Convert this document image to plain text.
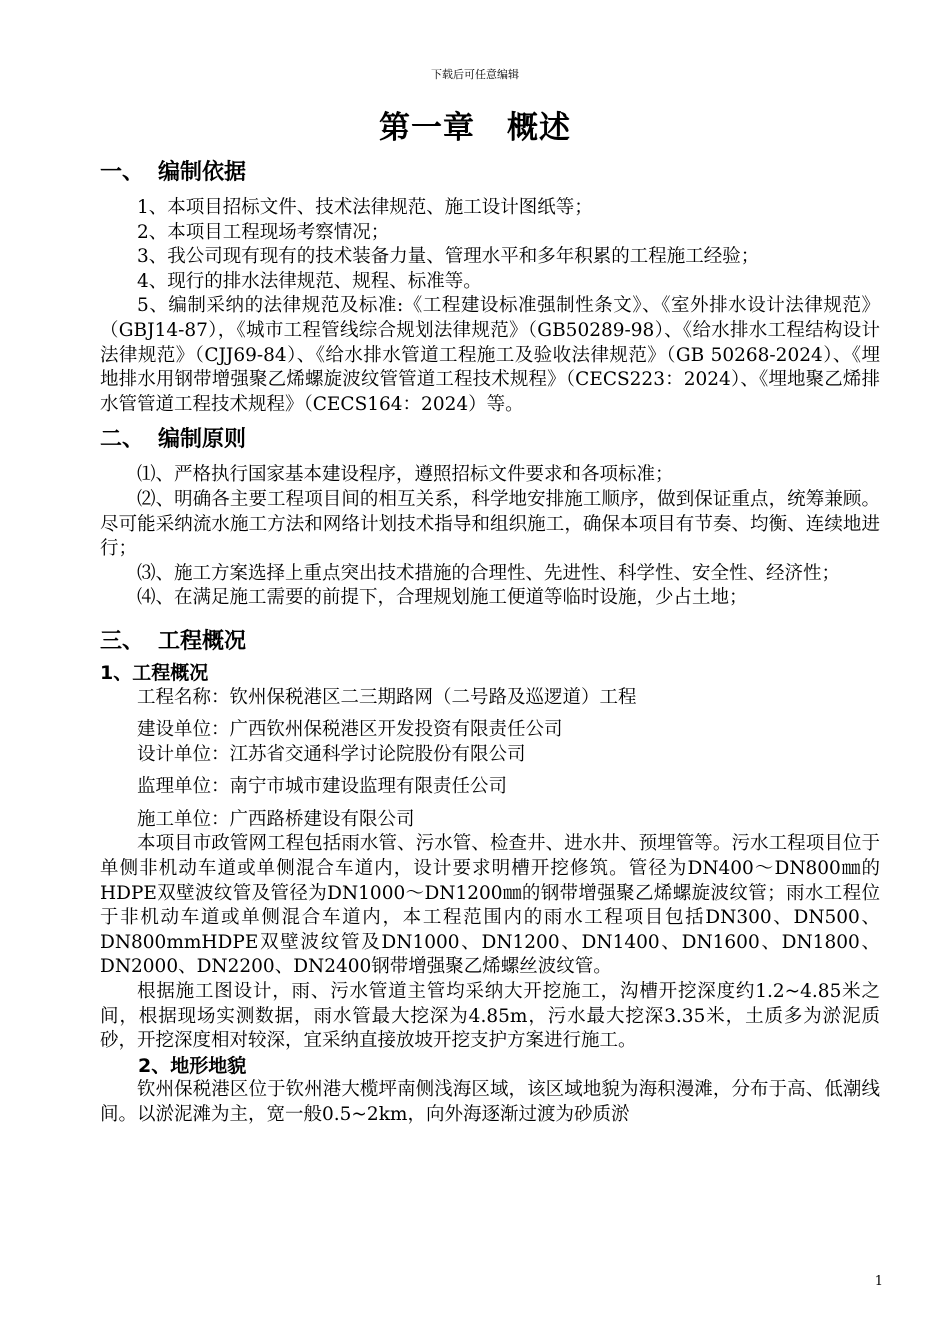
下载后可任意编辑
第一章　概述
一、 编制依据

1、本项目招标文件、技术法律规范、施工设计图纸等；

2、本项目工程现场考察情况；

3、我公司现有现有的技术装备力量、管理水平和多年积累的工程施工经验；

4、现行的排水法律规范、规程、标准等。

5、编制采纳的法律规范及标准:《工程建设标准强制性条文》、《室外排水设计法律规范》（GBJ14-87），《城市工程管线综合规划法律规范》（GB50289-98）、《给水排水工程结构设计法律规范》（CJJ69-84）、《给水排水管道工程施工及验收法律规范》（GB 50268-2024）、《埋地排水用钢带增强聚乙烯螺旋波纹管管道工程技术规程》（CECS223：2024）、《埋地聚乙烯排水管管道工程技术规程》（CECS164：2024）等。

二、 编制原则

⑴、严格执行国家基本建设程序，遵照招标文件要求和各项标准；

⑵、明确各主要工程项目间的相互关系，科学地安排施工顺序，做到保证重点，统筹兼顾。尽可能采纳流水施工方法和网络计划技术指导和组织施工，确保本项目有节奏、均衡、连续地进行；

⑶、施工方案选择上重点突出技术措施的合理性、先进性、科学性、安全性、经济性；

⑷、在满足施工需要的前提下，合理规划施工便道等临时设施，少占土地；

三、 工程概况
1、工程概况

工程名称：钦州保税港区二三期路网（二号路及巡逻道）工程

建设单位：广西钦州保税港区开发投资有限责任公司

设计单位：江苏省交通科学讨论院股份有限公司

监理单位：南宁市城市建设监理有限责任公司

施工单位：广西路桥建设有限公司

本项目市政管网工程包括雨水管、污水管、检查井、进水井、预埋管等。污水工程项目位于单侧非机动车道或单侧混合车道内，设计要求明槽开挖修筑。管径为DN400～DN800㎜的HDPE双壁波纹管及管径为DN1000～DN1200㎜的钢带增强聚乙烯螺旋波纹管；雨水工程位于非机动车道或单侧混合车道内，本工程范围内的雨水工程项目包括DN300、DN500、DN800mmHDPE双壁波纹管及DN1000、DN1200、DN1400、DN1600、DN1800、DN2000、DN2200、DN2400钢带增强聚乙烯螺丝波纹管。

根据施工图设计，雨、污水管道主管均采纳大开挖施工，沟槽开挖深度约1.2~4.85米之间，根据现场实测数据，雨水管最大挖深为4.85m，污水最大挖深3.35米，土质多为淤泥质砂，开挖深度相对较深，宜采纳直接放坡开挖支护方案进行施工。

2、地形地貌

钦州保税港区位于钦州港大榄坪南侧浅海区域，该区域地貌为海积漫滩，分布于高、低潮线间。以淤泥滩为主，宽一般0.5~2km，向外海逐渐过渡为砂质淤

1
